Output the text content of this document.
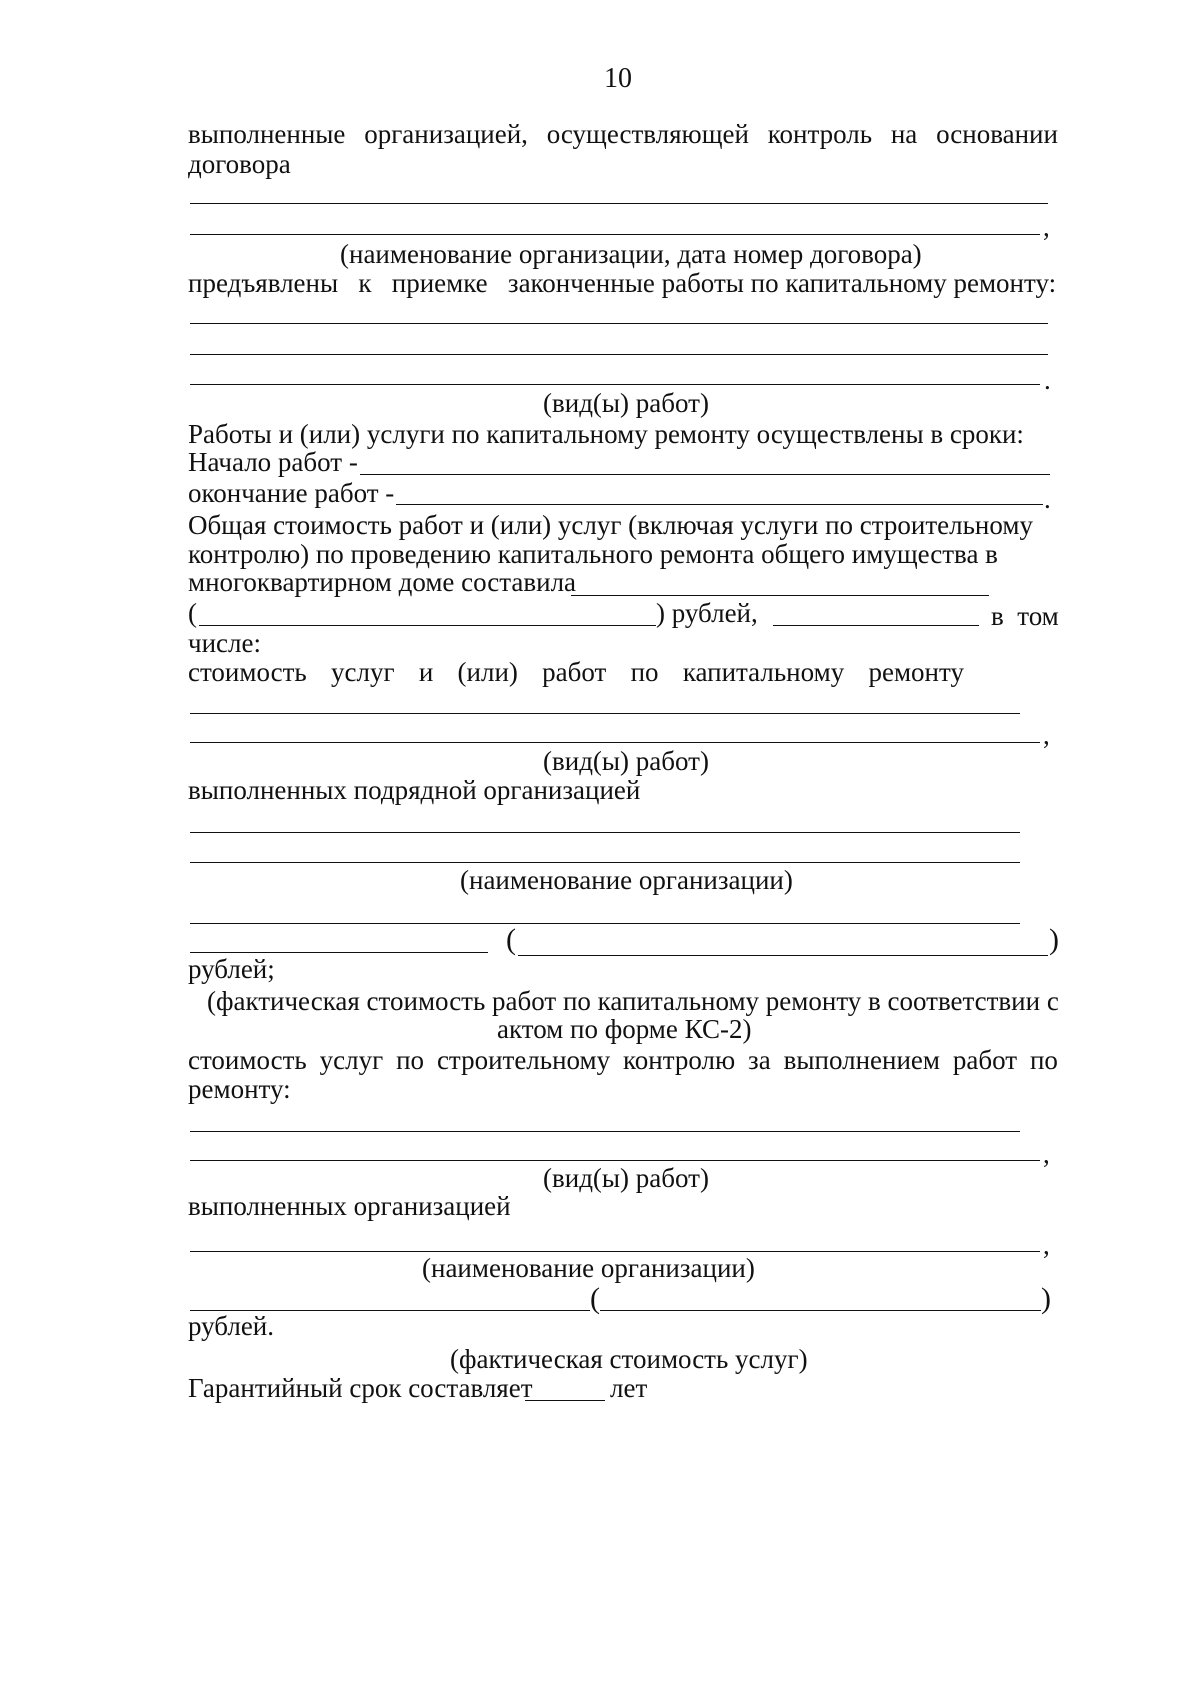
10
выполненные организацией, осуществляющей контроль на основании
договора
,
(наименование организации, дата номер договора)
предъявлены   к   приемке   законченные работы по капитальному ремонту:
.
(вид(ы) работ)
Работы и (или) услуги по капитальному ремонту осуществлены в сроки:
Начало работ -
окончание работ -	.
Общая стоимость работ и (или) услуг (включая услуги по строительному
контролю) по проведению капитального ремонта общего имущества в
многоквартирном доме составила
(	) рублей,	в  том
числе:
стоимость услуг и (или) работ по капитальному ремонту
,
(вид(ы) работ)
выполненных подрядной организацией
(наименование организации)
(	)
рублей;
(фактическая стоимость работ по капитальному ремонту в соответствии с
актом по форме КС-2)
стоимость услуг по строительному контролю за выполнением работ по
ремонту:
,
(вид(ы) работ)
выполненных организацией
,
(наименование организации)
(	)
рублей.
(фактическая стоимость услуг)
Гарантийный срок составляет	лет
